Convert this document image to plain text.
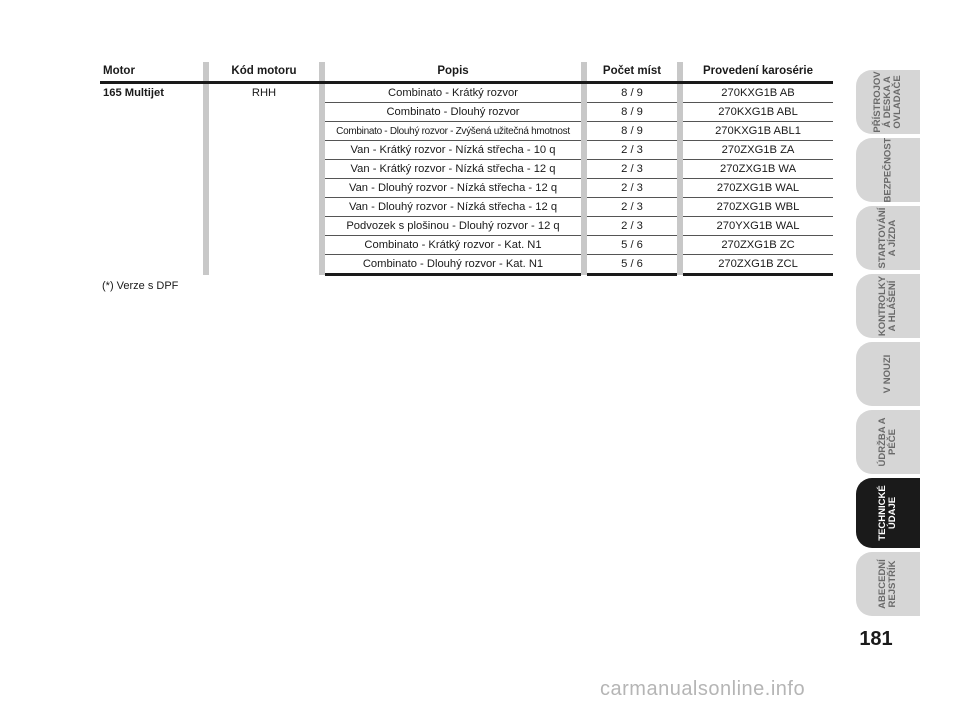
Motor		Kód motoru		Popis		Počet míst		Provedení karosérie
165 Multijet		RHH		Combinato - Krátký rozvor		8 / 9		270KXG1B AB
				Combinato - Dlouhý rozvor		8 / 9		270KXG1B ABL
				Combinato - Dlouhý rozvor - Zvýšená užitečná hmotnost		8 / 9		270KXG1B ABL1
				Van - Krátký rozvor - Nízká střecha - 10 q		2 / 3		270ZXG1B ZA
				Van - Krátký rozvor - Nízká střecha - 12 q		2 / 3		270ZXG1B WA
				Van - Dlouhý rozvor - Nízká střecha - 12 q		2 / 3		270ZXG1B WAL
				Van - Dlouhý rozvor - Nízká střecha - 12 q		2 / 3		270ZXG1B WBL
				Podvozek s plošinou - Dlouhý rozvor - 12 q		2 / 3		270YXG1B WAL
				Combinato - Krátký rozvor - Kat. N1		5 / 6		270ZXG1B ZC
				Combinato - Dlouhý rozvor - Kat. N1		5 / 6		270ZXG1B ZCL
(*) Verze s DPF
PŘÍSTROJOV
Á DESKA A
OVLADAČE
BEZPEČNOST
STARTOVÁNÍ
A JÍZDA
KONTROLKY
A HLÁŠENÍ
V NOUZI
ÚDRŽBA A
PÉČE
TECHNICKÉ
ÚDAJE
ABECEDNÍ
REJSTŘÍK
181
carmanualsonline.info
